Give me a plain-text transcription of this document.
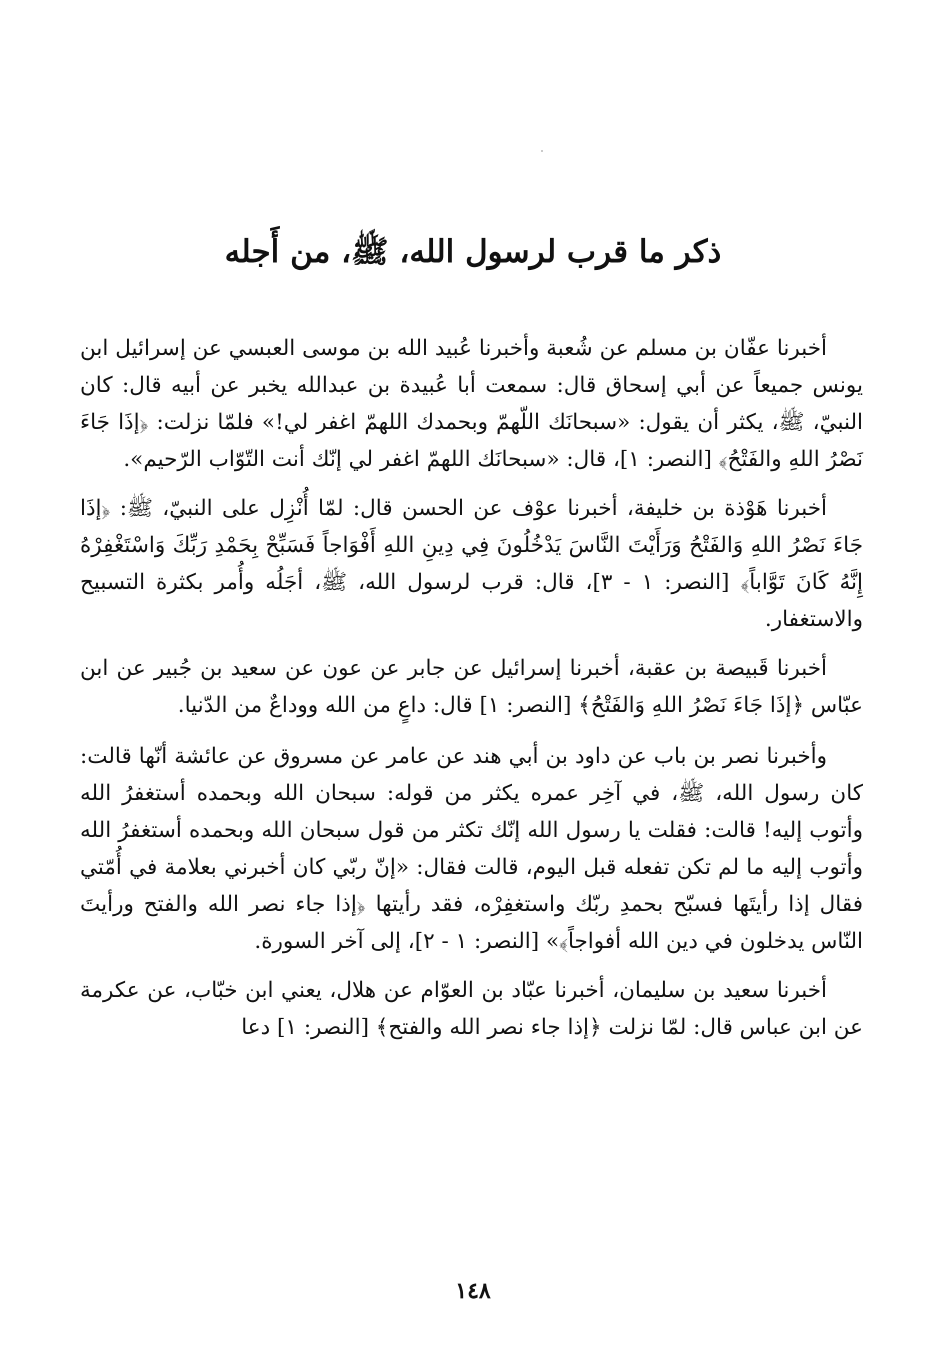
ذكر ما قرب لرسول الله، ﷺ، من أَجله

أخبرنا عفّان بن مسلم عن شُعبة وأخبرنا عُبيد الله بن موسى العبسي عن إسرائيل ابن يونس جميعاً عن أبي إسحاق قال: سمعت أبا عُبيدة بن عبدالله يخبر عن أبيه قال: كان النبيّ، ﷺ، يكثر أن يقول: «سبحانَك اللّهمّ وبحمدك اللهمّ اغفر لي!» فلمّا نزلت: ﴿إذَا جَاءَ نَصْرُ اللهِ والفَتْحُ﴾ [النصر: ١]، قال: «سبحانَك اللهمّ اغفر لي إنّك أنت التّوّاب الرّحيم».

أخبرنا هَوْذة بن خليفة، أخبرنا عوْف عن الحسن قال: لمّا أُنْزِل على النبيّ، ﷺ: ﴿إذَا جَاءَ نَصْرُ اللهِ وَالفَتْحُ وَرَأَيْتَ النَّاسَ يَدْخُلُونَ فِي دِينِ اللهِ أَفْوَاجاً فَسَبِّحْ بِحَمْدِ رَبِّكَ وَاسْتَغْفِرْهُ إِنَّهُ كَانَ تَوَّاباً﴾ [النصر: ١ - ٣]، قال: قرب لرسول الله، ﷺ، أجَلُه وأُمر بكثرة التسبيح والاستغفار.

أخبرنا قَبيصة بن عقبة، أخبرنا إسرائيل عن جابر عن عون عن سعيد بن جُبير عن ابن عبّاس ﴿إذَا جَاءَ نَصْرُ اللهِ وَالفَتْحُ﴾ [النصر: ١] قال: داعٍ من الله ووداعٌ من الدّنيا.

وأخبرنا نصر بن باب عن داود بن أبي هند عن عامر عن مسروق عن عائشة أنّها قالت: كان رسول الله، ﷺ، في آخِر عمره يكثر من قوله: سبحان الله وبحمده أستغفرُ الله وأتوب إليه! قالت: فقلت يا رسول الله إنّك تكثر من قول سبحان الله وبحمده أستغفرُ الله وأتوب إليه ما لم تكن تفعله قبل اليوم، قالت فقال: «إنّ ربّي كان أخبرني بعلامة في أُمّتي فقال إذا رأيتَها فسبّح بحمدِ ربّك واستغفِرْه، فقد رأيتها ﴿إذا جاء نصر الله والفتح ورأيتَ النّاس يدخلون في دين الله أفواجاً﴾» [النصر: ١ - ٢]، إلى آخر السورة.

أخبرنا سعيد بن سليمان، أخبرنا عبّاد بن العوّام عن هلال، يعني ابن خبّاب، عن عكرمة عن ابن عباس قال: لمّا نزلت ﴿إذا جاء نصر الله والفتح﴾ [النصر: ١] دعا

١٤٨
